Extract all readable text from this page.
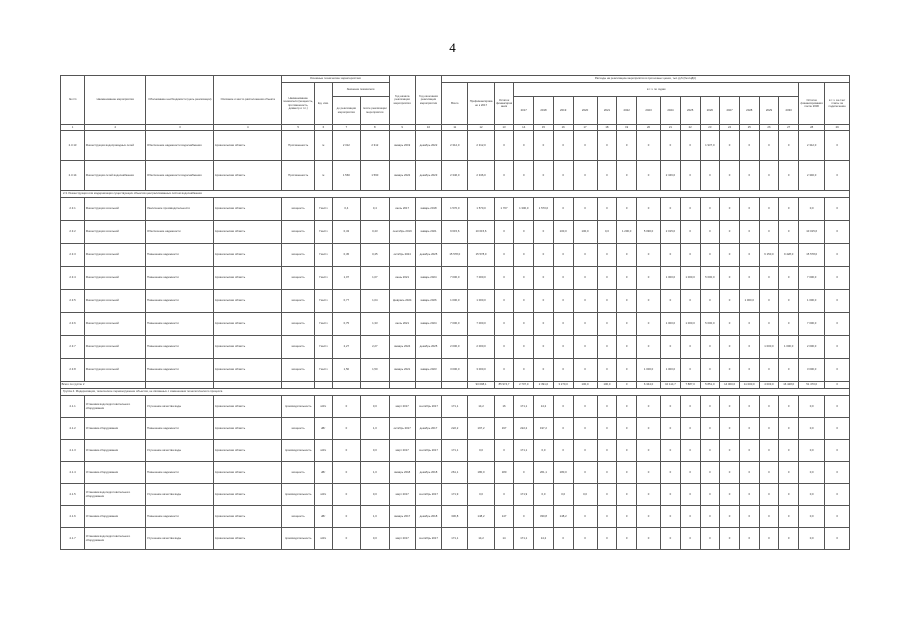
4
№ п/п	Наименование мероприятия	Обоснование необходимости (цель реализации)	Описание и место расположения объекта	Основные технические характеристики				Год начала реализации мероприятия	Год окончания реализации мероприятия	Расходы на реализацию мероприятия в прогнозных ценах, тыс.руб.(без НДС)																		
				Наименование показателя (мощность, протяженность, диаметр и т.п.)	Ед. изм.	Значение показателя				Всего	Профинансировано к 2017	Остаток финансирования	в т.ч. по годам														Остаток финансирования после 2030	в т.ч. за счет платы за подключение
						до реализации мероприятия	после реализации мероприятия						2017	2018	2019	2020	2021	2022	2023	2024	2025	2026	2027	2028	2029	2030		
1	2	3	4	5	6	7	8	9	10	11	12	13	14	15	16	17	18	19	20	21	22	23	24	25	26	27	28	29
2.3.13	Реконструкция водопроводных сетей	Обеспечение надежности водоснабжения	Архангельская область	Протяженность	м	2 312	2 312	январь 2019	декабрь 2022	2 312,0	2 312,0	0	0	0	0	0	0	0	0	0	0	1 937,0	0	0	0	0	2 312,0	0
2.3.14	Реконструкция сетей водоснабжения	Обеспечение надежности водоснабжения	Архангельская область	Протяженность	м	1 560	1 560	январь 2022	декабрь 2023	2 346,0	2 346,0	0	0	0	0	0	0	0	0	2 346,0	0	0	0	0	0	0	2 346,0	0
2.3. Реконструкция или модернизация существующих объектов централизованных систем водоснабжения																												
2.3.1	Реконструкция котельной	Увеличение производительности	Архангельская область	мощность	Гкал/ч	0,4	0,4	июль 2017	январь 2018	1 570,0	1 570,0	1 707	1 300,0	1 570,0	0	0	0	0	0	0	0	0	0	0	0	0	0,0	0
2.3.2	Реконструкция котельной	Обеспечение надежности	Архангельская область	мощность	Гкал/ч	0,43	0,43	сентябрь 2019	январь 2021	9 615,6	10 015,6	0	0	0	100,0	100,0	0,0	1 200,0	5 090,0	2 015,0	0	0	0	0	0	0	10 015,6	0
2.3.3	Реконструкция котельной	Повышение надежности	Архангельская область	мощность	Гкал/ч	0,45	0,45	октябрь 2024	декабрь 2025	15 578,0	15 578,0	0	0	0	0	0	0	0	0	0	0	0	0	0	6 150,0	9 428,0	15 578,0	0
2.3.4	Реконструкция котельной	Повышение надежности	Архангельская область	мощность	Гкал/ч	1,07	1,07	июнь 2021	январь 2024	7 000,0	7 000,0	0	0	0	0	0	0	0	0	1 000,0	1 000,0	5 000,0	0	0	0	0	7 000,0	0
2.3.5	Реконструкция котельной	Повышение надежности	Архангельская область	мощность	Гкал/ч	0,77	1,04	февраль 2024	январь 2026	1 000,0	1 000,0	0	0	0	0	0	0	0	0	0	0	0	0	1 000,0	0	0	1 000,0	0
2.3.6	Реконструкция котельной	Повышение надежности	Архангельская область	мощность	Гкал/ч	0,75	1,33	июль 2021	январь 2024	7 000,0	7 000,0	0	0	0	0	0	0	0	0	1 000,0	1 000,0	5 000,0	0	0	0	0	7 000,0	0
2.3.7	Реконструкция котельной	Повышение надежности	Архангельская область	мощность	Гкал/ч	2,27	2,27	январь 2024	декабрь 2025	2 000,0	2 000,0	0	0	0	0	0	0	0	0	0	0	0	0	0	1 000,0	1 000,0	2 000,0	0
2.3.8	Реконструкция котельной	Повышение надежности	Архангельская область	мощность	Гкал/ч	1,50	1,50	январь 2021	январь 2023	3 000,0	3 000,0	0	0	0	0	0	0	0	1 000,0	1 000,0	0	0	0	0	0	0	3 000,0	0
Всего по группе 2											93 098,1	85 974,7	2 707,0	2 391,0	3 270,0	100,0	100,0	0	6 344,0	10 114,7	7 887,0	5 851,0	14 000,0	11 000,0	4 003,0	16 428,0	51 470,0	0
Группа 4. Модернизация, техническое перевооружение объектов, не связанных с изменением технологического процесса																												
4.1.1	Установка водоподготовительного оборудования	Улучшение качества воды	Архангельская область	производительность	м3/ч	0	0,0	март 2017	сентябрь 2017	171,1	14,2	16	171,1	14,2	0	0	0	0	0	0	0	0	0	0	0	0	0,0	0
4.1.2	Установка оборудования	Повышение надежности	Архангельская область	мощность	кВт	0	1,0	октябрь 2017	декабрь 2017	222,2	197,2	197	222,2	197,2	0	0	0	0	0	0	0	0	0	0	0	0	0,0	0
4.1.3	Установка оборудования	Улучшение качества воды	Архангельская область	производительность	м3/ч	0	0,0	март 2017	сентябрь 2017	171,1	0,0	0	171,1	0,0	0	0	0	0	0	0	0	0	0	0	0	0	0,0	0
4.1.4	Установка оборудования	Повышение надежности	Архангельская область	мощность	кВт	0	1,0	январь 2018	декабрь 2018	261,1	180,0	180	0	261,1	180,0	0	0	0	0	0	0	0	0	0	0	0	0,0	0
4.1.5	Установка водоподготовительного оборудования	Улучшение качества воды	Архангельская область	производительность	м3/ч	0	0,0	март 2017	сентябрь 2017	171,9	0,0	0	171,9	0,0	0,0	0,0	0	0	0	0	0	0	0	0	0	0	0,0	0
4.1.6	Установка оборудования	Повышение надежности	Архангельская область	мощность	кВт	0	1,0	январь 2017	декабрь 2018	330,8	148,2	147	0	330,8	148,2	0	0	0	0	0	0	0	0	0	0	0	0,0	0
4.1.7	Установка водоподготовительного оборудования	Улучшение качества воды	Архангельская область	производительность	м3/ч	0	0,0	март 2017	сентябрь 2017	171,1	14,2	14	171,1	14,2	0	0	0	0	0	0	0	0	0	0	0	0	0,0	0
